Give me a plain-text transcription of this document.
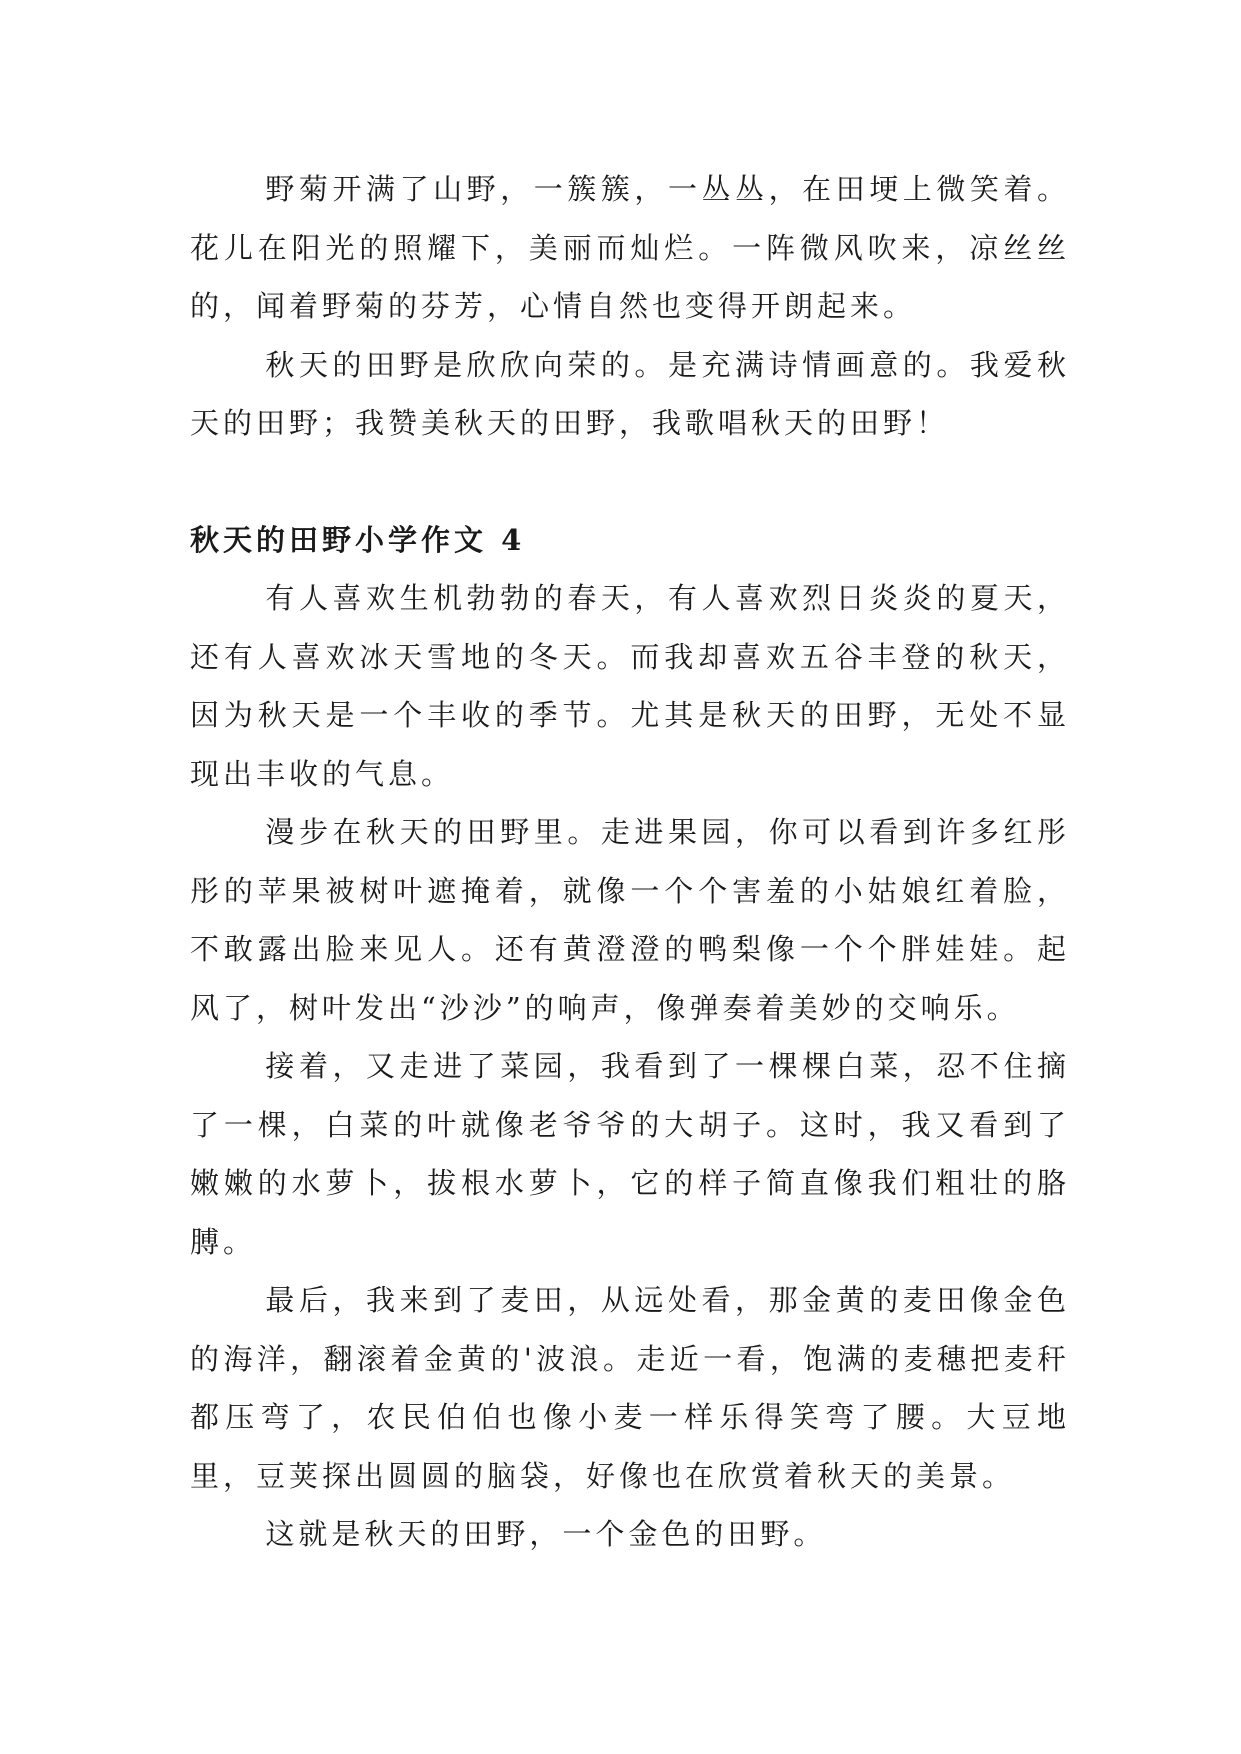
野菊开满了山野，一簇簇，一丛丛，在田埂上微笑着。花儿在阳光的照耀下，美丽而灿烂。一阵微风吹来，凉丝丝的，闻着野菊的芬芳，心情自然也变得开朗起来。

秋天的田野是欣欣向荣的。是充满诗情画意的。我爱秋天的田野；我赞美秋天的田野，我歌唱秋天的田野！

秋天的田野小学作文 4

有人喜欢生机勃勃的春天，有人喜欢烈日炎炎的夏天，还有人喜欢冰天雪地的冬天。而我却喜欢五谷丰登的秋天，因为秋天是一个丰收的季节。尤其是秋天的田野，无处不显现出丰收的气息。

漫步在秋天的田野里。走进果园，你可以看到许多红彤彤的苹果被树叶遮掩着，就像一个个害羞的小姑娘红着脸，不敢露出脸来见人。还有黄澄澄的鸭梨像一个个胖娃娃。起风了，树叶发出“沙沙”的响声，像弹奏着美妙的交响乐。

接着，又走进了菜园，我看到了一棵棵白菜，忍不住摘了一棵，白菜的叶就像老爷爷的大胡子。这时，我又看到了嫩嫩的水萝卜，拔根水萝卜，它的样子简直像我们粗壮的胳膊。

最后，我来到了麦田，从远处看，那金黄的麦田像金色的海洋，翻滚着金黄的'波浪。走近一看，饱满的麦穗把麦秆都压弯了，农民伯伯也像小麦一样乐得笑弯了腰。大豆地里，豆荚探出圆圆的脑袋，好像也在欣赏着秋天的美景。

这就是秋天的田野，一个金色的田野。
